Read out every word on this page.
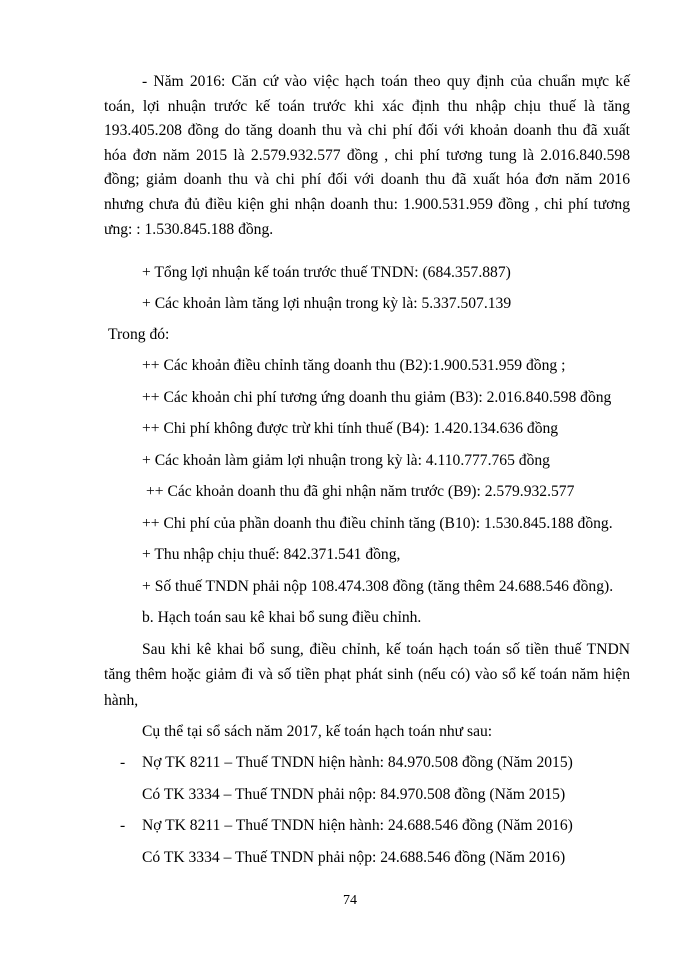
- Năm 2016: Căn cứ vào việc hạch toán theo quy định của chuẩn mực kế
toán, lợi nhuận trước kế toán trước khi xác định thu nhập chịu thuế là tăng
193.405.208 đồng do tăng doanh thu và chi phí đối với khoản doanh thu đã xuất
hóa đơn năm 2015 là 2.579.932.577 đồng , chi phí tương tung là 2.016.840.598
đồng; giảm doanh thu và chi phí đối với doanh thu đã xuất hóa đơn năm 2016
nhưng chưa đủ điều kiện ghi nhận doanh thu: 1.900.531.959 đồng , chi phí tương
ưng: : 1.530.845.188 đồng.
+ Tổng lợi nhuận kế toán trước thuế TNDN: (684.357.887)
+ Các khoản làm tăng lợi nhuận trong kỳ là: 5.337.507.139
Trong đó:
++ Các khoản điều chỉnh tăng doanh thu (B2):1.900.531.959 đồng ;
++ Các khoản chi phí tương ứng doanh thu giảm (B3): 2.016.840.598 đồng
++ Chi phí không được trừ khi tính thuế (B4): 1.420.134.636 đồng
+ Các khoản làm giảm lợi nhuận trong kỳ là: 4.110.777.765 đồng
++ Các khoản doanh thu đã ghi nhận năm trước (B9): 2.579.932.577
++ Chi phí của phần doanh thu điều chỉnh tăng (B10): 1.530.845.188 đồng.
+ Thu nhập chịu thuế: 842.371.541 đồng,
+ Số thuế TNDN phải nộp 108.474.308 đồng (tăng thêm 24.688.546 đồng).
b. Hạch toán sau kê khai bổ sung điều chỉnh.
Sau khi kê khai bổ sung, điều chỉnh, kế toán hạch toán số tiền thuế TNDN
tăng thêm hoặc giảm đi và số tiền phạt phát sinh (nếu có) vào sổ kế toán năm hiện
hành,
Cụ thể tại sổ sách năm 2017, kế toán hạch toán như sau:
- Nợ TK 8211 – Thuế TNDN hiện hành: 84.970.508 đồng (Năm 2015)
Có TK 3334 – Thuế TNDN phải nộp: 84.970.508 đồng (Năm 2015)
- Nợ TK 8211 – Thuế TNDN hiện hành: 24.688.546 đồng (Năm 2016)
Có TK 3334 – Thuế TNDN phải nộp: 24.688.546 đồng (Năm 2016)
74
